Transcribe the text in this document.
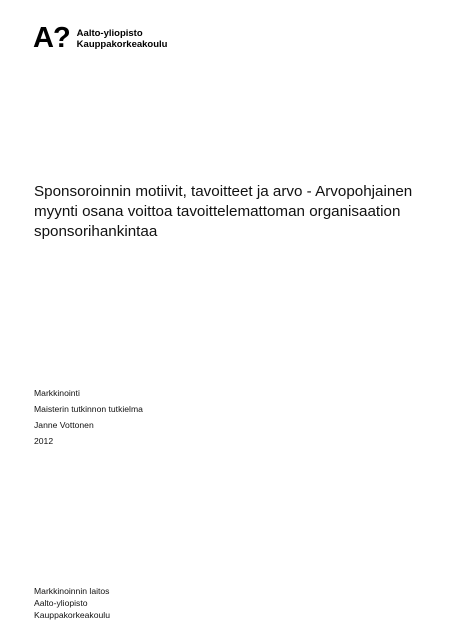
A? Aalto-yliopisto
Kauppakorkeakoulu
Sponsoroinnin motiivit, tavoitteet ja arvo - Arvopohjainen
myynti osana voittoa tavoittelemattoman organisaation
sponsorihankintaa
Markkinointi
Maisterin tutkinnon tutkielma
Janne Vottonen
2012
Markkinoinnin laitos
Aalto-yliopisto
Kauppakorkeakoulu
